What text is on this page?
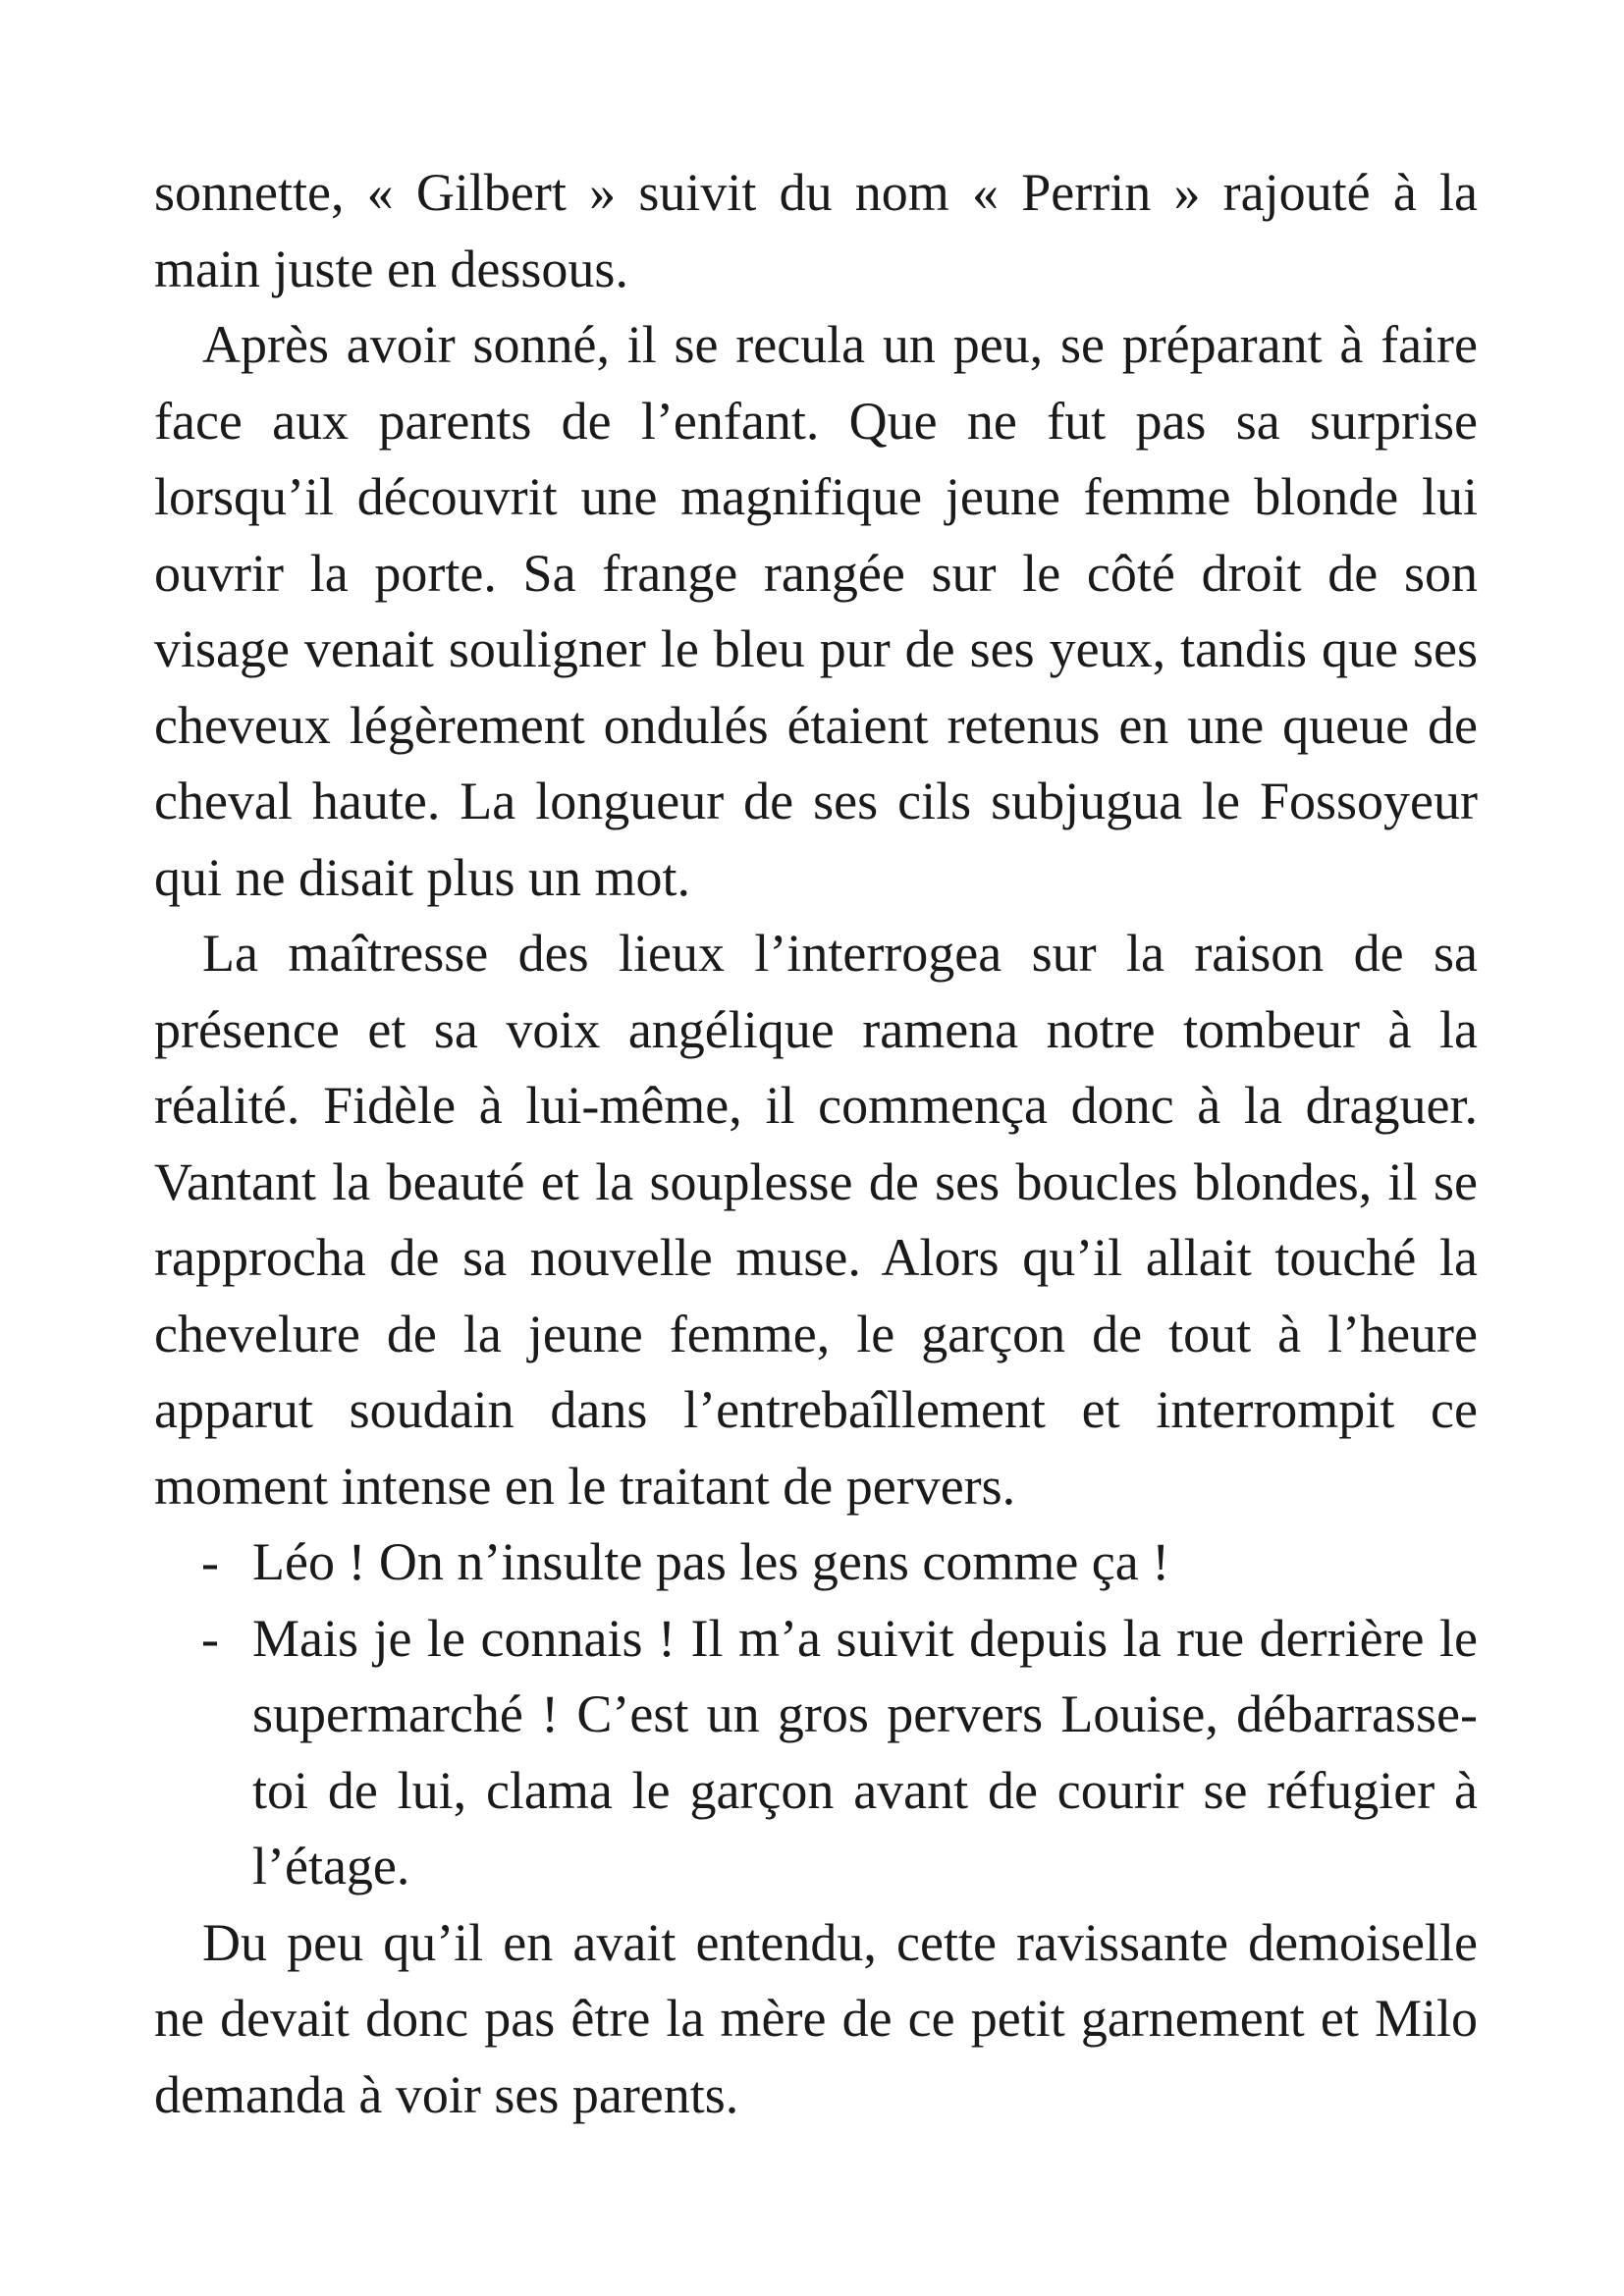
sonnette, « Gilbert » suivit du nom « Perrin » rajouté à la main juste en dessous.

Après avoir sonné, il se recula un peu, se préparant à faire face aux parents de l’enfant. Que ne fut pas sa surprise lorsqu’il découvrit une magnifique jeune femme blonde lui ouvrir la porte. Sa frange rangée sur le côté droit de son visage venait souligner le bleu pur de ses yeux, tandis que ses cheveux légèrement ondulés étaient retenus en une queue de cheval haute. La longueur de ses cils subjugua le Fossoyeur qui ne disait plus un mot.

La maîtresse des lieux l’interrogea sur la raison de sa présence et sa voix angélique ramena notre tombeur à la réalité. Fidèle à lui-même, il commença donc à la draguer. Vantant la beauté et la souplesse de ses boucles blondes, il se rapprocha de sa nouvelle muse. Alors qu’il allait touché la chevelure de la jeune femme, le garçon de tout à l’heure apparut soudain dans l’entrebaîllement et interrompit ce moment intense en le traitant de pervers.

- Léo ! On n’insulte pas les gens comme ça !
- Mais je le connais ! Il m’a suivit depuis la rue derrière le supermarché ! C’est un gros pervers Louise, débarrasse-toi de lui, clama le garçon avant de courir se réfugier à l’étage.

Du peu qu’il en avait entendu, cette ravissante demoiselle ne devait donc pas être la mère de ce petit garnement et Milo demanda à voir ses parents.
